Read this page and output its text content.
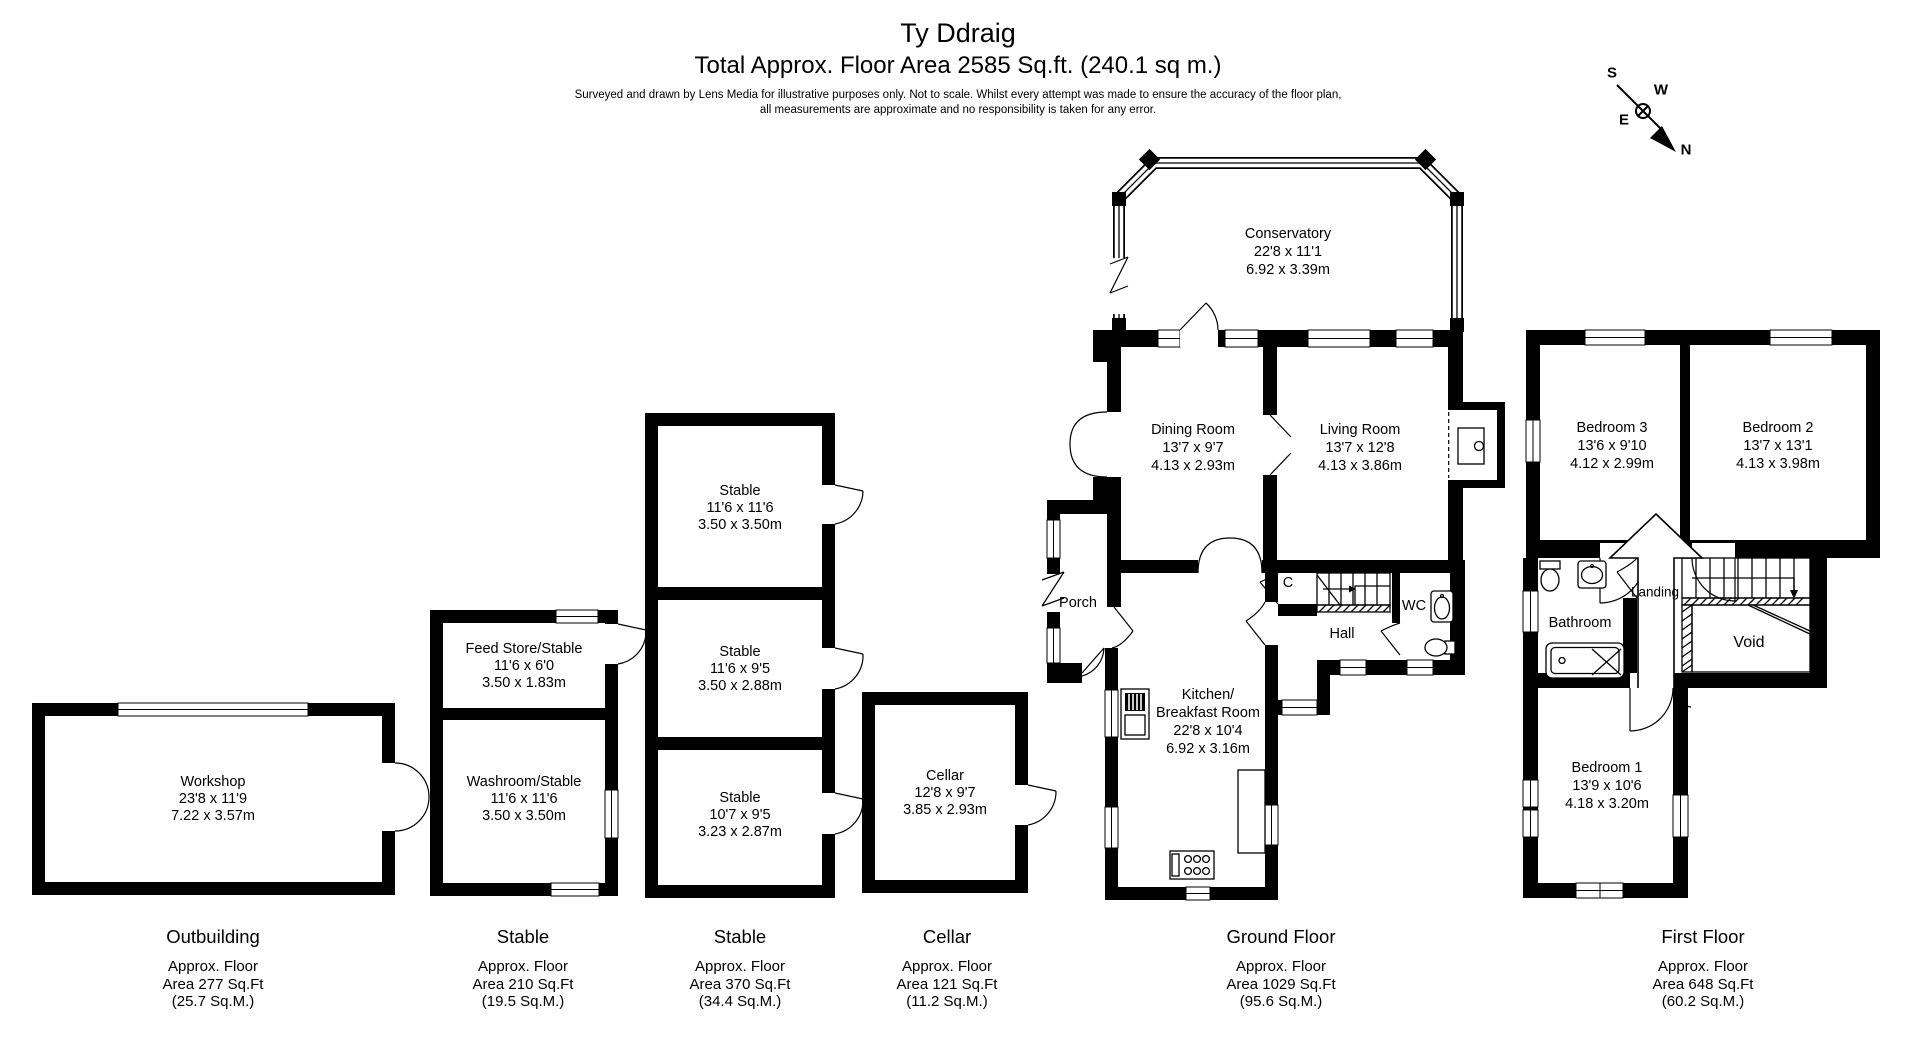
Ty Ddraig
Total Approx. Floor Area 2585 Sq.ft. (240.1 sq m.)
Surveyed and drawn by Lens Media for illustrative purposes only. Not to scale. Whilst every attempt was made to ensure the accuracy of the floor plan,
all measurements are approximate and no responsibility is taken for any error.
S
W
E
N
Workshop
23'8 x 11'9
7.22 x 3.57m
Feed Store/Stable
11'6 x 6'0
3.50 x 1.83m
Washroom/Stable
11'6 x 11'6
3.50 x 3.50m
Stable
11'6 x 11'6
3.50 x 3.50m
Stable
11'6 x 9'5
3.50 x 2.88m
Stable
10'7 x 9'5
3.23 x 2.87m
Cellar
12'8 x 9'7
3.85 x 2.93m
Conservatory
22'8 x 11'1
6.92 x 3.39m
Dining Room
13'7 x 9'7
4.13 x 2.93m
Living Room
13'7 x 12'8
4.13 x 3.86m
Kitchen/
Breakfast Room
22'8 x 10'4
6.92 x 3.16m
Porch
C
Hall
WC
Bedroom 3
13'6 x 9'10
4.12 x 2.99m
Bedroom 2
13'7 x 13'1
4.13 x 3.98m
Bedroom 1
13'9 x 10'6
4.18 x 3.20m
Bathroom
Landing
Void
Outbuilding
Approx. Floor
Area 277 Sq.Ft
(25.7 Sq.M.)
Stable
Approx. Floor
Area 210 Sq.Ft
(19.5 Sq.M.)
Stable
Approx. Floor
Area 370 Sq.Ft
(34.4 Sq.M.)
Cellar
Approx. Floor
Area 121 Sq.Ft
(11.2 Sq.M.)
Ground Floor
Approx. Floor
Area 1029 Sq.Ft
(95.6 Sq.M.)
First Floor
Approx. Floor
Area 648 Sq.Ft
(60.2 Sq.M.)
